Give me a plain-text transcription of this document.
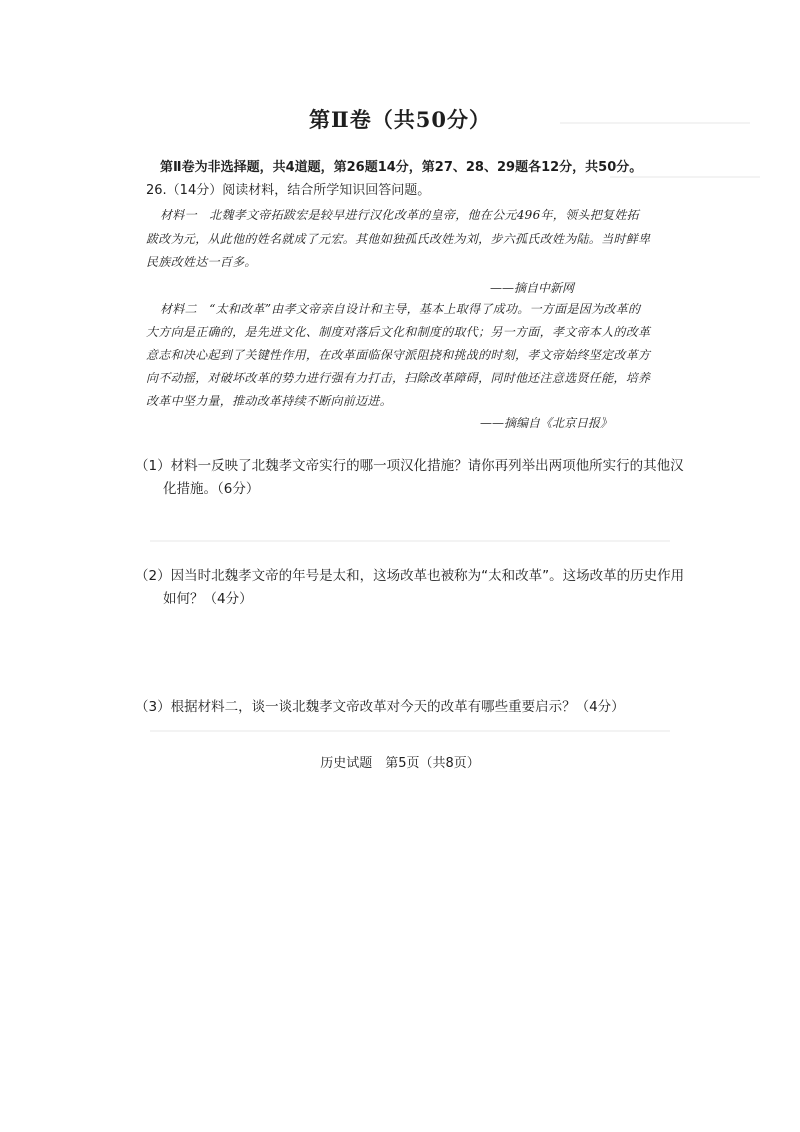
第Ⅱ卷（共50分）
第Ⅱ卷为非选择题，共4道题，第26题14分，第27、28、29题各12分，共50分。
26.（14分）阅读材料，结合所学知识回答问题。
材料一　北魏孝文帝拓跋宏是较早进行汉化改革的皇帝，他在公元496年，领头把复姓拓
跋改为元，从此他的姓名就成了元宏。其他如独孤氏改姓为刘，步六孤氏改姓为陆。当时鲜卑
民族改姓达一百多。
——摘自中新网
材料二　“太和改革”由孝文帝亲自设计和主导，基本上取得了成功。一方面是因为改革的
大方向是正确的，是先进文化、制度对落后文化和制度的取代；另一方面，孝文帝本人的改革
意志和决心起到了关键性作用，在改革面临保守派阻挠和挑战的时刻，孝文帝始终坚定改革方
向不动摇，对破坏改革的势力进行强有力打击，扫除改革障碍，同时他还注意选贤任能，培养
改革中坚力量，推动改革持续不断向前迈进。
——摘编自《北京日报》
（1）材料一反映了北魏孝文帝实行的哪一项汉化措施？请你再列举出两项他所实行的其他汉
化措施。（6分）
（2）因当时北魏孝文帝的年号是太和，这场改革也被称为“太和改革”。这场改革的历史作用
如何？（4分）
（3）根据材料二，谈一谈北魏孝文帝改革对今天的改革有哪些重要启示？（4分）
历史试题　第5页（共8页）
